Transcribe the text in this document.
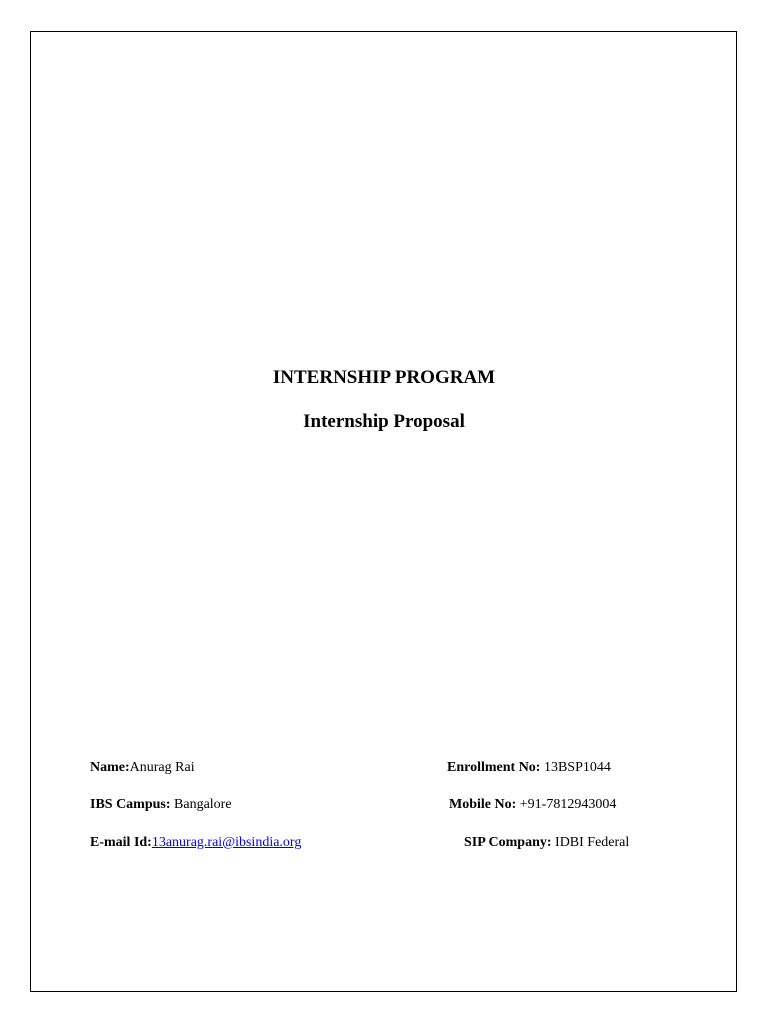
INTERNSHIP PROGRAM
Internship Proposal
Name:Anurag Rai	Enrollment No: 13BSP1044
IBS Campus: Bangalore	Mobile No: +91-7812943004
E-mail Id:13anurag.rai@ibsindia.org	SIP Company: IDBI Federal
